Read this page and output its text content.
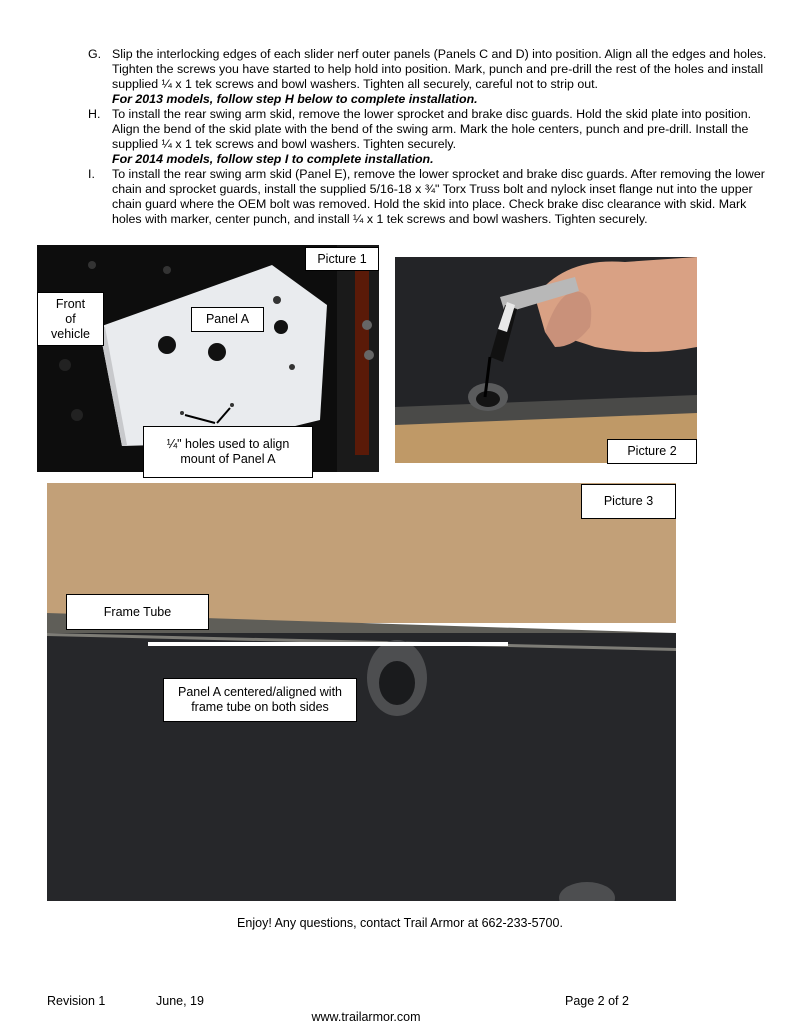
G. Slip the interlocking edges of each slider nerf outer panels (Panels C and D) into position. Align all the edges and holes. Tighten the screws you have started to help hold into position. Mark, punch and pre-drill the rest of the holes and install supplied ¼ x 1 tek screws and bowl washers. Tighten all securely, careful not to strip out.
For 2013 models, follow step H below to complete installation.
H. To install the rear swing arm skid, remove the lower sprocket and brake disc guards. Hold the skid plate into position. Align the bend of the skid plate with the bend of the swing arm. Mark the hole centers, punch and pre-drill. Install the supplied ¼ x 1 tek screws and bowl washers. Tighten securely.
For 2014 models, follow step I to complete installation.
I. To install the rear swing arm skid (Panel E), remove the lower sprocket and brake disc guards. After removing the lower chain and sprocket guards, install the supplied 5/16-18 x ¾" Torx Truss bolt and nylock inset flange nut into the upper chain guard where the OEM bolt was removed. Hold the skid into place. Check brake disc clearance with skid. Mark holes with marker, center punch, and install ¼ x 1 tek screws and bowl washers. Tighten securely.
Picture 1
Front
of
vehicle
Panel A
¼" holes used to align
mount of Panel A
Picture 2
Picture 3
Frame Tube
Panel A centered/aligned with
frame tube on both sides
Enjoy! Any questions, contact Trail Armor at 662-233-5700.
Revision 1	June, 19	Page 2 of 2
www.trailarmor.com
